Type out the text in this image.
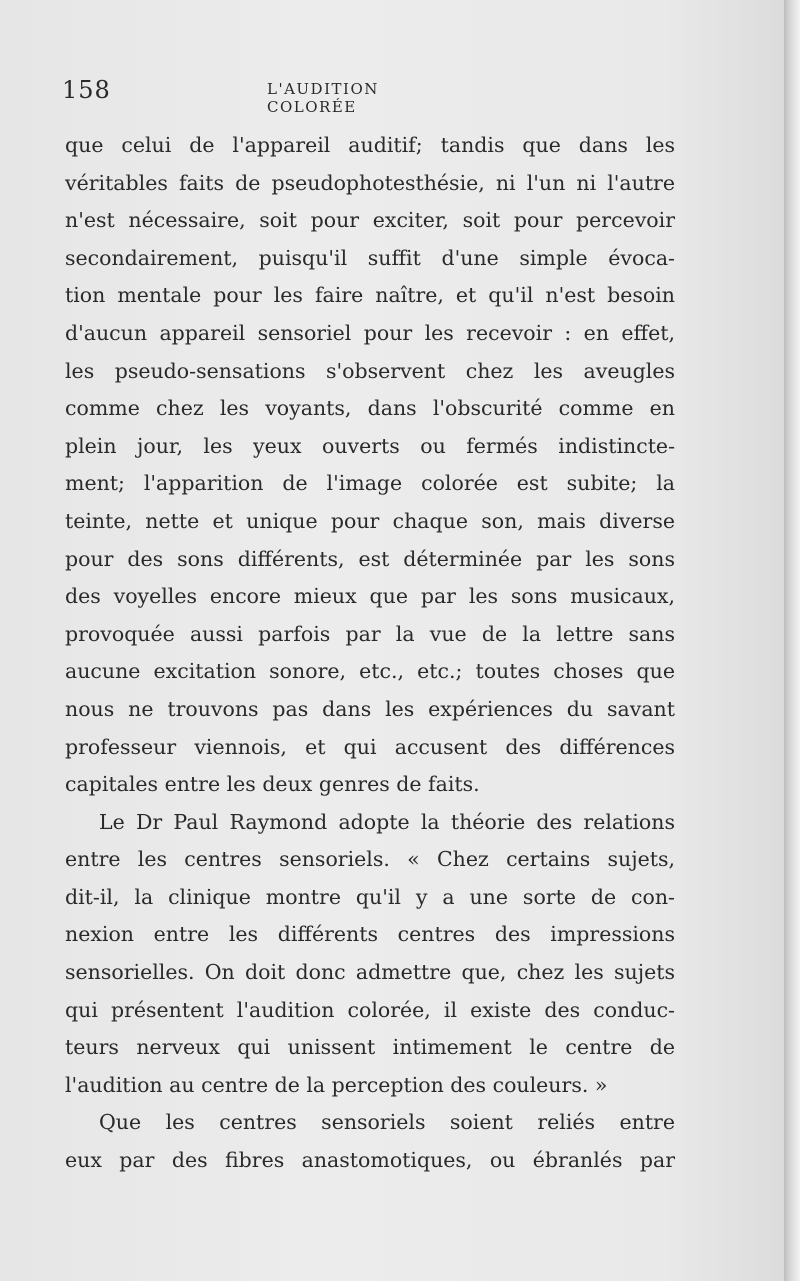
158	L'AUDITION COLORÉE
que celui de l'appareil auditif; tandis que dans les
véritables faits de pseudophotesthésie, ni l'un ni l'autre
n'est nécessaire, soit pour exciter, soit pour percevoir
secondairement, puisqu'il suffit d'une simple évoca-
tion mentale pour les faire naître, et qu'il n'est besoin
d'aucun appareil sensoriel pour les recevoir : en effet,
les pseudo-sensations s'observent chez les aveugles
comme chez les voyants, dans l'obscurité comme en
plein jour, les yeux ouverts ou fermés indistincte-
ment; l'apparition de l'image colorée est subite; la
teinte, nette et unique pour chaque son, mais diverse
pour des sons différents, est déterminée par les sons
des voyelles encore mieux que par les sons musicaux,
provoquée aussi parfois par la vue de la lettre sans
aucune excitation sonore, etc., etc.; toutes choses que
nous ne trouvons pas dans les expériences du savant
professeur viennois, et qui accusent des différences
capitales entre les deux genres de faits.
Le Dr Paul Raymond adopte la théorie des relations
entre les centres sensoriels. « Chez certains sujets,
dit-il, la clinique montre qu'il y a une sorte de con-
nexion entre les différents centres des impressions
sensorielles. On doit donc admettre que, chez les sujets
qui présentent l'audition colorée, il existe des conduc-
teurs nerveux qui unissent intimement le centre de
l'audition au centre de la perception des couleurs. »
Que les centres sensoriels soient reliés entre
eux par des fibres anastomotiques, ou ébranlés par
